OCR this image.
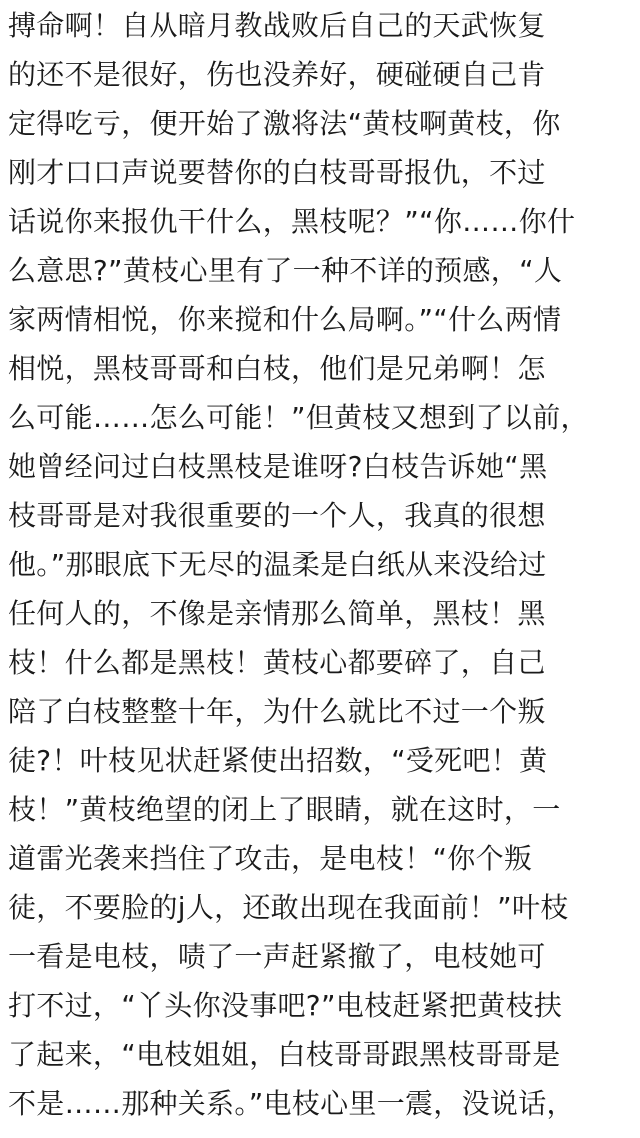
搏命啊！自从暗月教战败后自己的天武恢复
的还不是很好，伤也没养好，硬碰硬自己肯
定得吃亏，便开始了激将法“黄枝啊黄枝，你
刚才口口声说要替你的白枝哥哥报仇，不过
话说你来报仇干什么，黑枝呢？”“你……你什
么意思?”黄枝心里有了一种不详的预感，“人
家两情相悦，你来搅和什么局啊。”“什么两情
相悦，黑枝哥哥和白枝，他们是兄弟啊！怎
么可能……怎么可能！”但黄枝又想到了以前，
她曾经问过白枝黑枝是谁呀?白枝告诉她“黑
枝哥哥是对我很重要的一个人，我真的很想
他。”那眼底下无尽的温柔是白纸从来没给过
任何人的，不像是亲情那么简单，黑枝！黑
枝！什么都是黑枝！黄枝心都要碎了，自己
陪了白枝整整十年，为什么就比不过一个叛
徒?！叶枝见状赶紧使出招数，“受死吧！黄
枝！”黄枝绝望的闭上了眼睛，就在这时，一
道雷光袭来挡住了攻击，是电枝！“你个叛
徒，不要脸的j人，还敢出现在我面前！”叶枝
一看是电枝，啧了一声赶紧撤了，电枝她可
打不过，“丫头你没事吧?”电枝赶紧把黄枝扶
了起来，“电枝姐姐，白枝哥哥跟黑枝哥哥是
不是……那种关系。”电枝心里一震，没说话，
